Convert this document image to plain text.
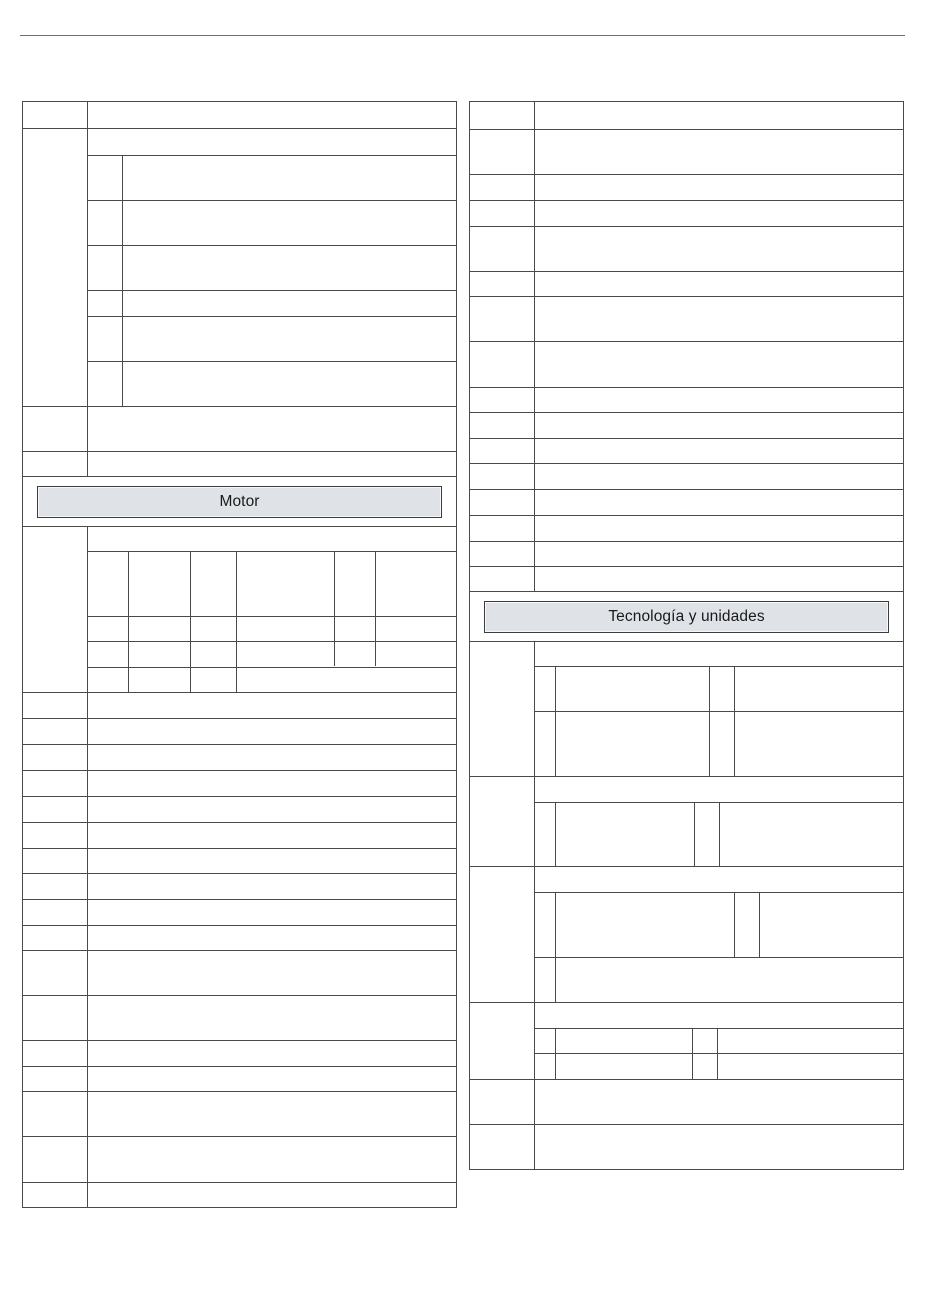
Motor
Tecnología y unidades
